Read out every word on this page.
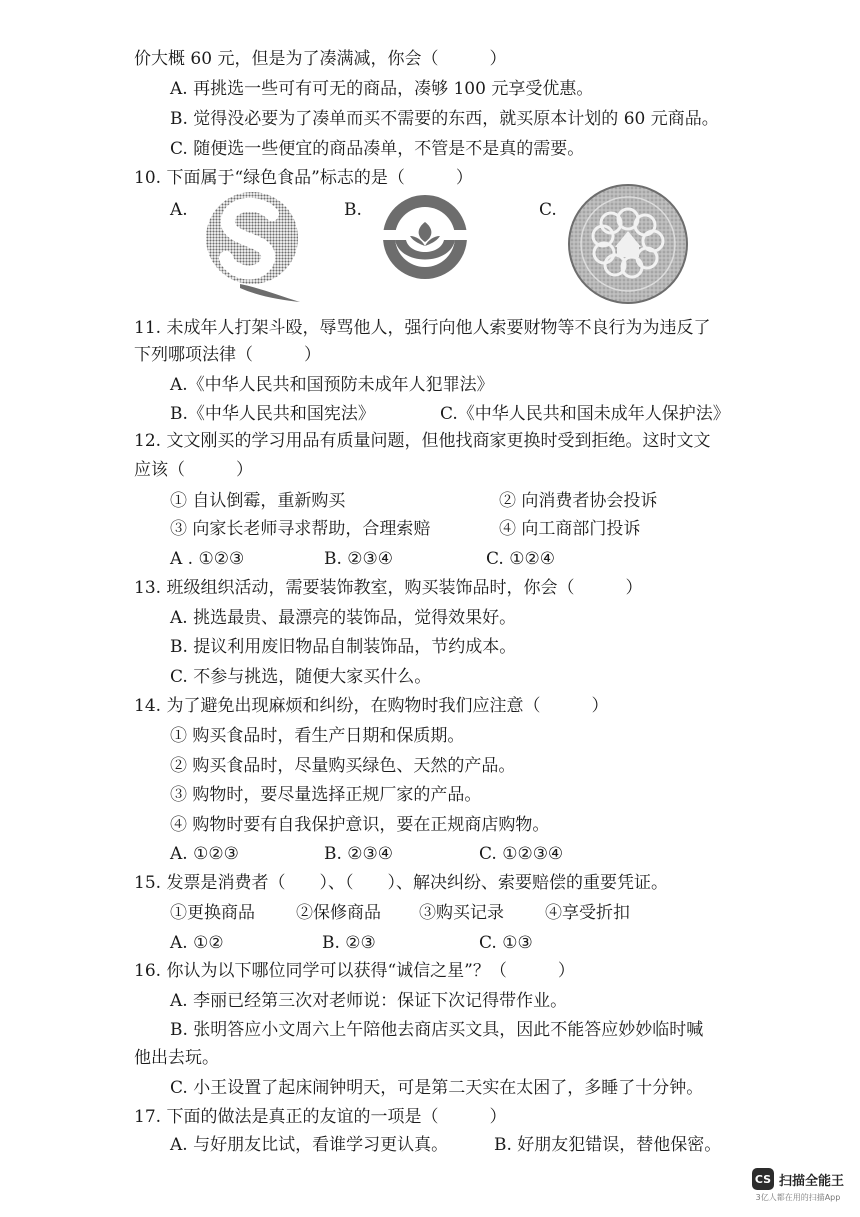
价大概 60 元，但是为了凑满减，你会（　　　）
A. 再挑选一些可有可无的商品，凑够 100 元享受优惠。
B. 觉得没必要为了凑单而买不需要的东西，就买原本计划的 60 元商品。
C. 随便选一些便宜的商品凑单，不管是不是真的需要。
10. 下面属于“绿色食品”标志的是（　　　）
A.	B.	C.
11. 未成年人打架斗殴，辱骂他人，强行向他人索要财物等不良行为为违反了
下列哪项法律（　　　）
A.《中华人民共和国预防未成年人犯罪法》
B.《中华人民共和国宪法》	C.《中华人民共和国未成年人保护法》
12. 文文刚买的学习用品有质量问题，但他找商家更换时受到拒绝。这时文文
应该（　　　）
① 自认倒霉，重新购买	② 向消费者协会投诉
③ 向家长老师寻求帮助，合理索赔	④ 向工商部门投诉
A . ①②③	B. ②③④	C. ①②④
13. 班级组织活动，需要装饰教室，购买装饰品时，你会（　　　）
A. 挑选最贵、最漂亮的装饰品，觉得效果好。
B. 提议利用废旧物品自制装饰品，节约成本。
C. 不参与挑选，随便大家买什么。
14. 为了避免出现麻烦和纠纷，在购物时我们应注意（　　　）
① 购买食品时，看生产日期和保质期。
② 购买食品时，尽量购买绿色、天然的产品。
③ 购物时，要尽量选择正规厂家的产品。
④ 购物时要有自我保护意识，要在正规商店购物。
A. ①②③	B. ②③④	C. ①②③④
15. 发票是消费者（　　）、（　　）、解决纠纷、索要赔偿的重要凭证。
①更换商品 ②保修商品 ③购买记录 ④享受折扣
A. ①②	B. ②③	C. ①③
16. 你认为以下哪位同学可以获得“诚信之星”？（　　　）
A. 李丽已经第三次对老师说：保证下次记得带作业。
B. 张明答应小文周六上午陪他去商店买文具，因此不能答应妙妙临时喊
他出去玩。
C. 小王设置了起床闹钟明天，可是第二天实在太困了，多睡了十分钟。
17. 下面的做法是真正的友谊的一项是（　　　）
A. 与好朋友比试，看谁学习更认真。	B. 好朋友犯错误，替他保密。
CS 扫描全能王
3亿人都在用的扫描App
